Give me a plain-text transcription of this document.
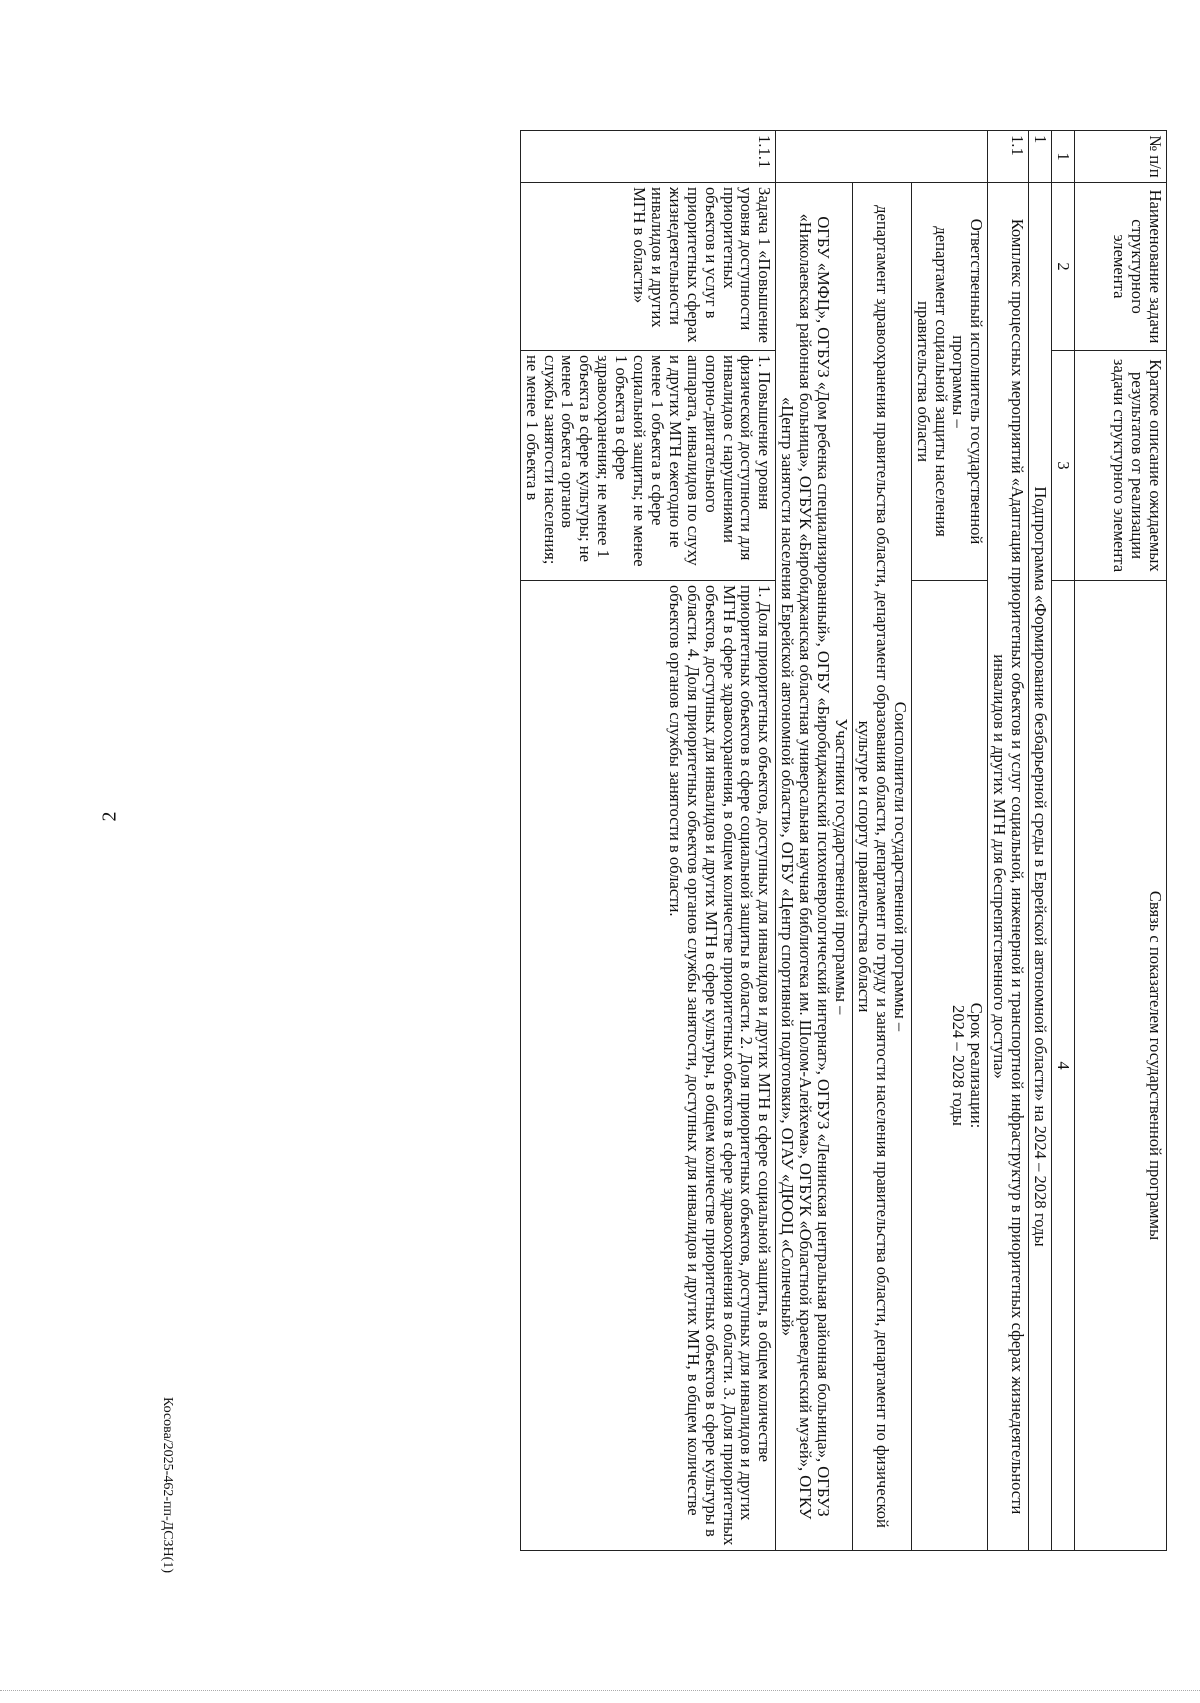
2
№ п/п	Наименование задачи структурного элемента	Краткое описание ожидаемых результатов от реализации задачи структурного элемента	Связь с показателем государственной программы
1	2	3	4
1	Подпрограмма «Формирование безбарьерной среды в Еврейской автономной области» на 2024 – 2028 годы
1.1	Комплекс процессных мероприятий «Адаптация приоритетных объектов и услуг социальной, инженерной и транспортной инфраструктур в приоритетных сферах жизнедеятельности инвалидов и других МГН для беспрепятственного доступа»

Ответственный исполнитель государственной программы –
департамент социальной защиты населения правительства области

Срок реализации:
2024 – 2028 годы

Соисполнители государственной программы –
департамент здравоохранения правительства области, департамент образования области, департамент по труду и занятости населения правительства области, департамент по физической культуре и спорту правительства области

Участники государственной программы –
ОГБУ «МФЦ», ОГБУЗ «Дом ребенка специализированный», ОГБУ «Биробиджанский психоневрологический интернат», ОГБУЗ «Ленинская центральная районная больница», ОГБУЗ «Николаевская районная больница», ОГБУК «Биробиджанская областная универсальная научная библиотека им. Шолом-Алейхема», ОГБУК «Областной краеведческий музей», ОГКУ «Центр занятости населения Еврейской автономной области», ОГБУ «Центр спортивной подготовки», ОГАУ «ДЮОЦ «Солнечный»

1.1.1	Задача 1 «Повышение уровня доступности приоритетных объектов и услуг в приоритетных сферах жизнедеятельности инвалидов и других МГН в области»	1. Повышение уровня физической доступности для инвалидов с нарушениями опорно-двигательного аппарата, инвалидов по слуху и других МГН ежегодно не менее 1 объекта в сфере социальной защиты; не менее 1 объекта в сфере здравоохранения; не менее 1 объекта в сфере культуры; не менее 1 объекта органов службы занятости населения; не менее 1 объекта в	1. Доля приоритетных объектов, доступных для инвалидов и других МГН в сфере социальной защиты, в общем количестве приоритетных объектов в сфере социальной защиты в области. 2. Доля приоритетных объектов, доступных для инвалидов и других МГН в сфере здравоохранения, в общем количестве приоритетных объектов в сфере здравоохранения в области. 3. Доля приоритетных объектов, доступных для инвалидов и других МГН в сфере культуры, в общем количестве приоритетных объектов в сфере культуры в области. 4. Доля приоритетных объектов органов службы занятости, доступных для инвалидов и других МГН, в общем количестве объектов органов службы занятости в области.
Косова/2025-462-пп-ДСЗН(1)
